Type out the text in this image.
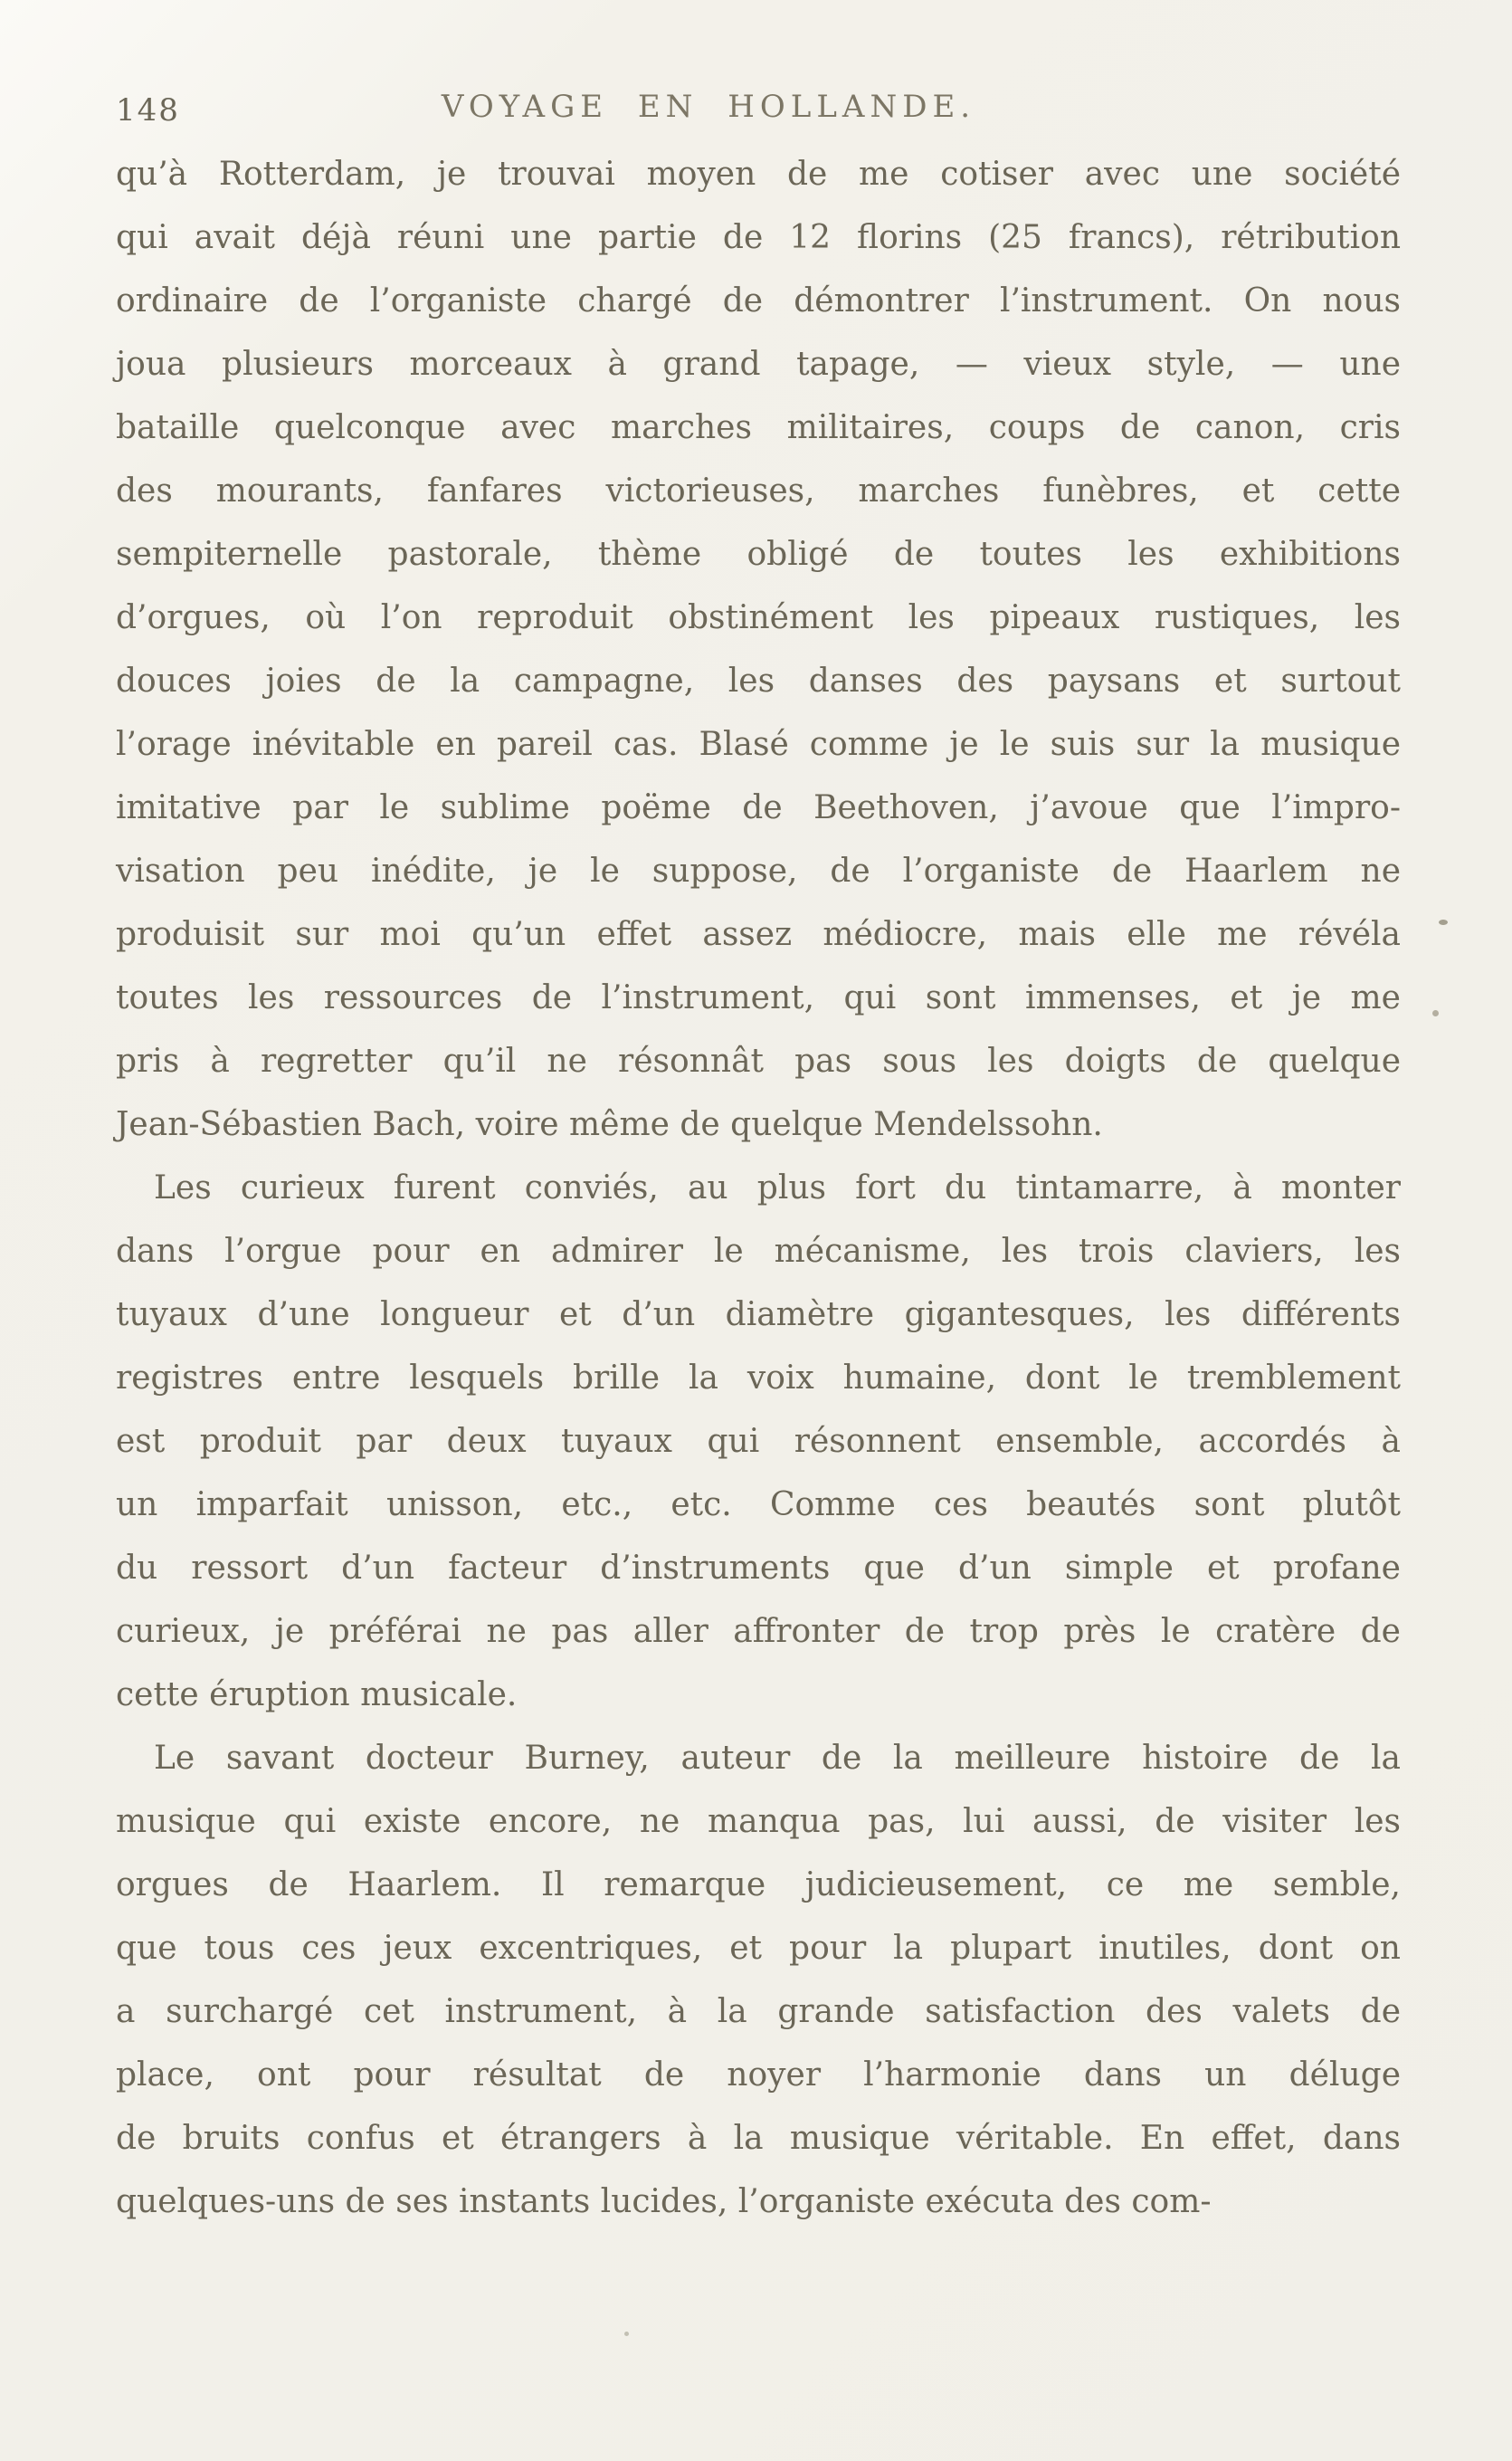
148	VOYAGE EN HOLLANDE.
qu’à Rotterdam, je trouvai moyen de me cotiser avec une société
qui avait déjà réuni une partie de 12 florins (25 francs), rétribution
ordinaire de l’organiste chargé de démontrer l’instrument. On nous
joua plusieurs morceaux à grand tapage, — vieux style, — une
bataille quelconque avec marches militaires, coups de canon, cris
des mourants, fanfares victorieuses, marches funèbres, et cette
sempiternelle pastorale, thème obligé de toutes les exhibitions
d’orgues, où l’on reproduit obstinément les pipeaux rustiques, les
douces joies de la campagne, les danses des paysans et surtout
l’orage inévitable en pareil cas. Blasé comme je le suis sur la musique
imitative par le sublime poëme de Beethoven, j’avoue que l’impro-
visation peu inédite, je le suppose, de l’organiste de Haarlem ne
produisit sur moi qu’un effet assez médiocre, mais elle me révéla
toutes les ressources de l’instrument, qui sont immenses, et je me
pris à regretter qu’il ne résonnât pas sous les doigts de quelque
Jean-Sébastien Bach, voire même de quelque Mendelssohn.
Les curieux furent conviés, au plus fort du tintamarre, à monter
dans l’orgue pour en admirer le mécanisme, les trois claviers, les
tuyaux d’une longueur et d’un diamètre gigantesques, les différents
registres entre lesquels brille la voix humaine, dont le tremblement
est produit par deux tuyaux qui résonnent ensemble, accordés à
un imparfait unisson, etc., etc. Comme ces beautés sont plutôt
du ressort d’un facteur d’instruments que d’un simple et profane
curieux, je préférai ne pas aller affronter de trop près le cratère de
cette éruption musicale.
Le savant docteur Burney, auteur de la meilleure histoire de la
musique qui existe encore, ne manqua pas, lui aussi, de visiter les
orgues de Haarlem. Il remarque judicieusement, ce me semble,
que tous ces jeux excentriques, et pour la plupart inutiles, dont on
a surchargé cet instrument, à la grande satisfaction des valets de
place, ont pour résultat de noyer l’harmonie dans un déluge
de bruits confus et étrangers à la musique véritable. En effet, dans
quelques-uns de ses instants lucides, l’organiste exécuta des com-
